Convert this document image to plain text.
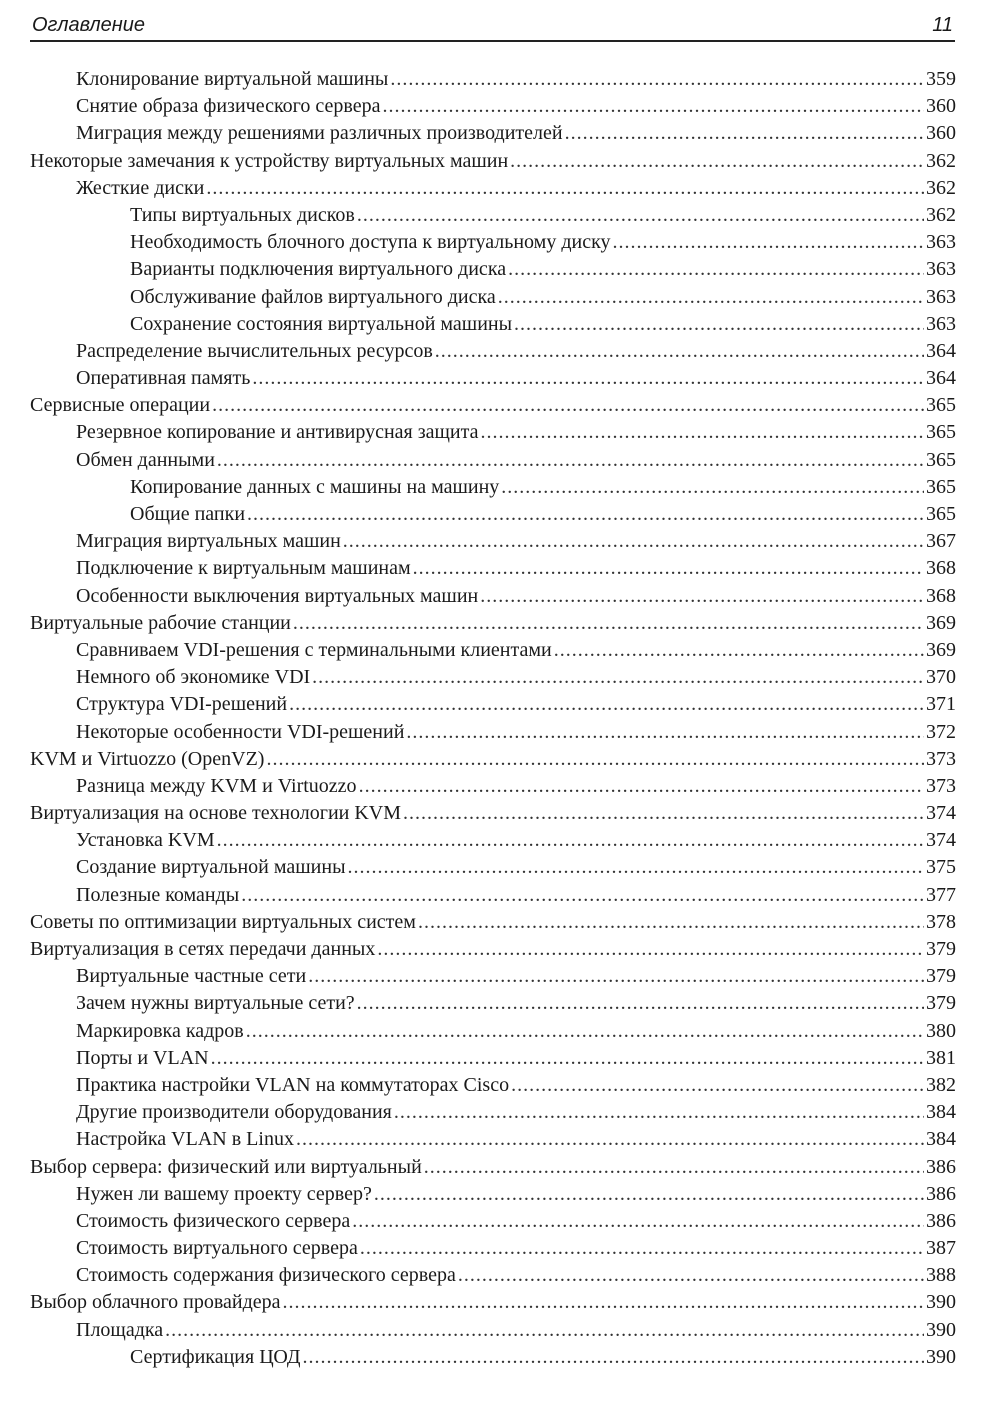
Оглавление	11
Клонирование виртуальной машины .....	359
Снятие образа физического сервера .....	360
Миграция между решениями различных производителей .....	360
Некоторые замечания к устройству виртуальных машин .....	362
Жесткие диски .....	362
Типы виртуальных дисков .....	362
Необходимость блочного доступа к виртуальному диску .....	363
Варианты подключения виртуального диска .....	363
Обслуживание файлов виртуального диска .....	363
Сохранение состояния виртуальной машины .....	363
Распределение вычислительных ресурсов .....	364
Оперативная память .....	364
Сервисные операции .....	365
Резервное копирование и антивирусная защита .....	365
Обмен данными .....	365
Копирование данных с машины на машину .....	365
Общие папки .....	365
Миграция виртуальных машин .....	367
Подключение к виртуальным машинам .....	368
Особенности выключения виртуальных машин .....	368
Виртуальные рабочие станции .....	369
Сравниваем VDI-решения с терминальными клиентами .....	369
Немного об экономике VDI .....	370
Структура VDI-решений .....	371
Некоторые особенности VDI-решений .....	372
KVM и Virtuozzo (OpenVZ) .....	373
Разница между KVM и Virtuozzo .....	373
Виртуализация на основе технологии KVM .....	374
Установка KVM .....	374
Создание виртуальной машины .....	375
Полезные команды .....	377
Советы по оптимизации виртуальных систем .....	378
Виртуализация в сетях передачи данных .....	379
Виртуальные частные сети .....	379
Зачем нужны виртуальные сети? .....	379
Маркировка кадров .....	380
Порты и VLAN .....	381
Практика настройки VLAN на коммутаторах Cisco .....	382
Другие производители оборудования .....	384
Настройка VLAN в Linux .....	384
Выбор сервера: физический или виртуальный .....	386
Нужен ли вашему проекту сервер? .....	386
Стоимость физического сервера .....	386
Стоимость виртуального сервера .....	387
Стоимость содержания физического сервера .....	388
Выбор облачного провайдера .....	390
Площадка .....	390
Сертификация ЦОД .....	390
